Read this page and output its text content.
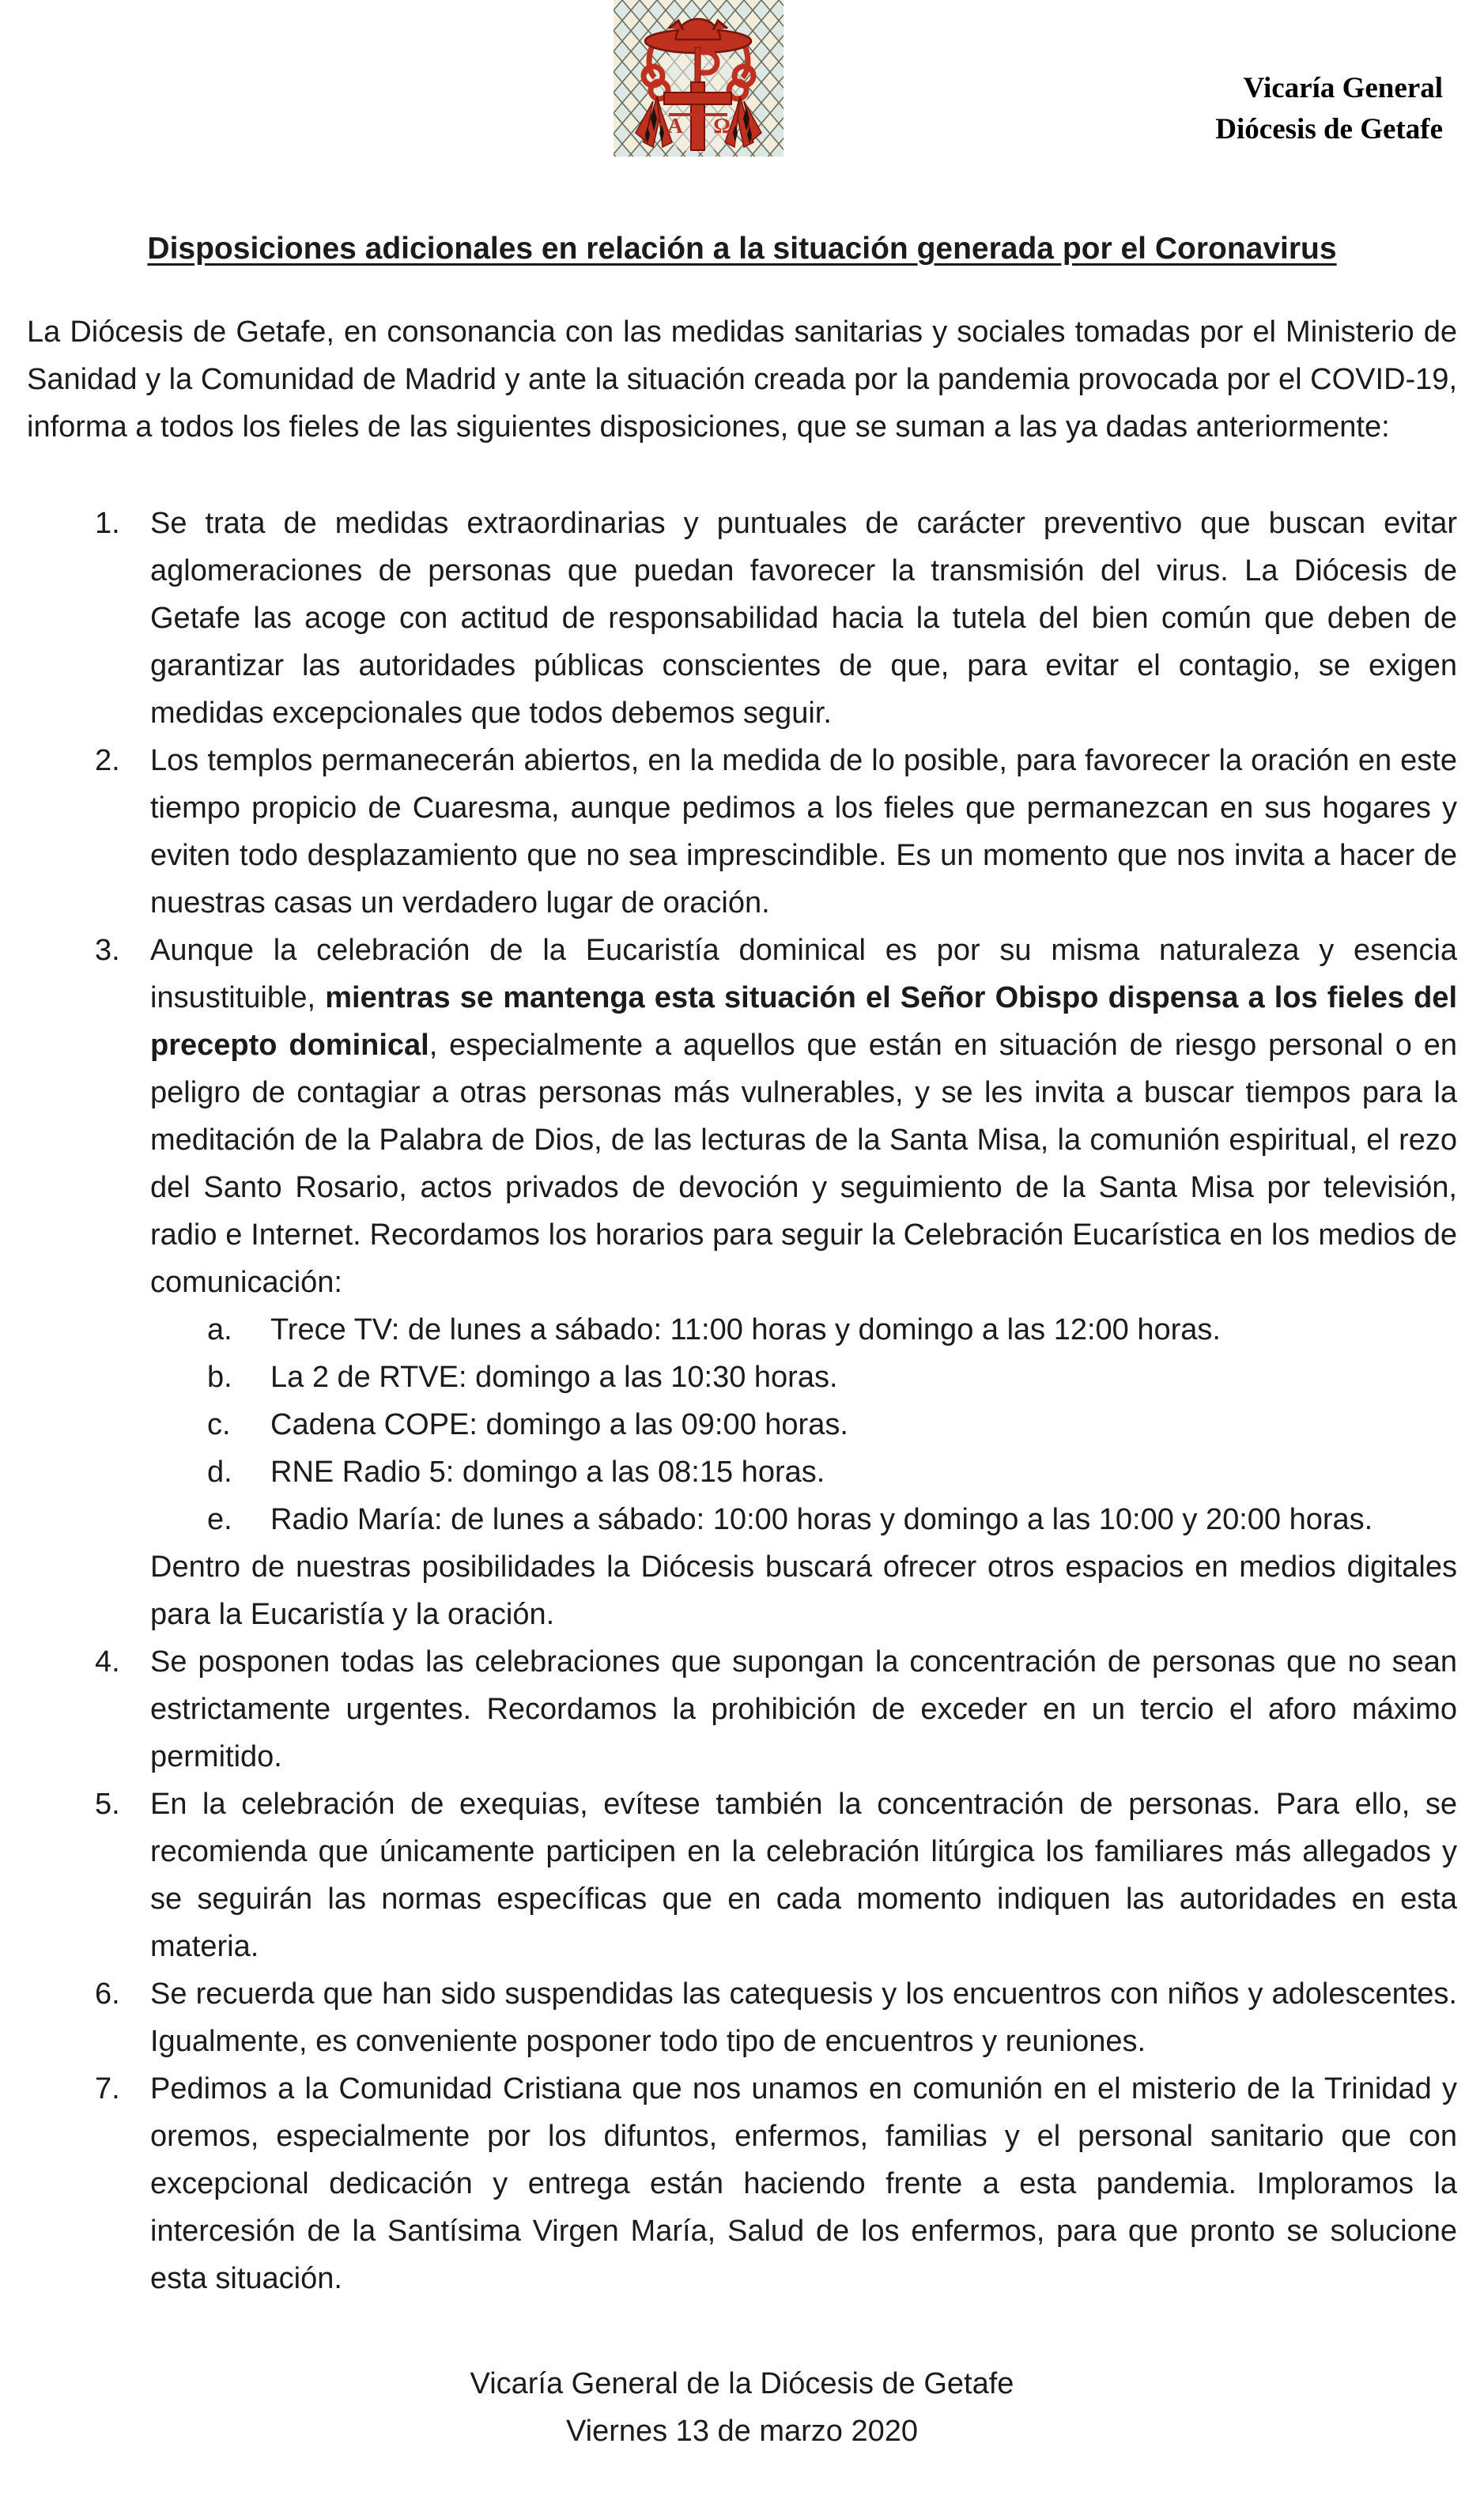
A Ω
Vicaría General
Diócesis de Getafe
Disposiciones adicionales en relación a la situación generada por el Coronavirus

La Diócesis de Getafe, en consonancia con las medidas sanitarias y sociales tomadas por el Ministerio de Sanidad y la Comunidad de Madrid y ante la situación creada por la pandemia provocada por el COVID-19, informa a todos los fieles de las siguientes disposiciones, que se suman a las ya dadas anteriormente:

1.	Se trata de medidas extraordinarias y puntuales de carácter preventivo que buscan evitar aglomeraciones de personas que puedan favorecer la transmisión del virus. La Diócesis de Getafe las acoge con actitud de responsabilidad hacia la tutela del bien común que deben de garantizar las autoridades públicas conscientes de que, para evitar el contagio, se exigen medidas excepcionales que todos debemos seguir.
2.	Los templos permanecerán abiertos, en la medida de lo posible, para favorecer la oración en este tiempo propicio de Cuaresma, aunque pedimos a los fieles que permanezcan en sus hogares y eviten todo desplazamiento que no sea imprescindible. Es un momento que nos invita a hacer de nuestras casas un verdadero lugar de oración.
3.	Aunque la celebración de la Eucaristía dominical es por su misma naturaleza y esencia insustituible, mientras se mantenga esta situación el Señor Obispo dispensa a los fieles del precepto dominical, especialmente a aquellos que están en situación de riesgo personal o en peligro de contagiar a otras personas más vulnerables, y se les invita a buscar tiempos para la meditación de la Palabra de Dios, de las lecturas de la Santa Misa, la comunión espiritual, el rezo del Santo Rosario, actos privados de devoción y seguimiento de la Santa Misa por televisión, radio e Internet. Recordamos los horarios para seguir la Celebración Eucarística en los medios de comunicación:
a.	Trece TV: de lunes a sábado: 11:00 horas y domingo a las 12:00 horas.
b.	La 2 de RTVE: domingo a las 10:30 horas.
c.	Cadena COPE: domingo a las 09:00 horas.
d.	RNE Radio 5: domingo a las 08:15 horas.
e.	Radio María: de lunes a sábado: 10:00 horas y domingo a las 10:00 y 20:00 horas.
Dentro de nuestras posibilidades la Diócesis buscará ofrecer otros espacios en medios digitales para la Eucaristía y la oración.
4.	Se posponen todas las celebraciones que supongan la concentración de personas que no sean estrictamente urgentes. Recordamos la prohibición de exceder en un tercio el aforo máximo permitido.
5.	En la celebración de exequias, evítese también la concentración de personas. Para ello, se recomienda que únicamente participen en la celebración litúrgica los familiares más allegados y se seguirán las normas específicas que en cada momento indiquen las autoridades en esta materia.
6.	Se recuerda que han sido suspendidas las catequesis y los encuentros con niños y adolescentes. Igualmente, es conveniente posponer todo tipo de encuentros y reuniones.
7.	Pedimos a la Comunidad Cristiana que nos unamos en comunión en el misterio de la Trinidad y oremos, especialmente por los difuntos, enfermos, familias y el personal sanitario que con excepcional dedicación y entrega están haciendo frente a esta pandemia. Imploramos la intercesión de la Santísima Virgen María, Salud de los enfermos, para que pronto se solucione esta situación.
Vicaría General de la Diócesis de Getafe
Viernes 13 de marzo 2020
